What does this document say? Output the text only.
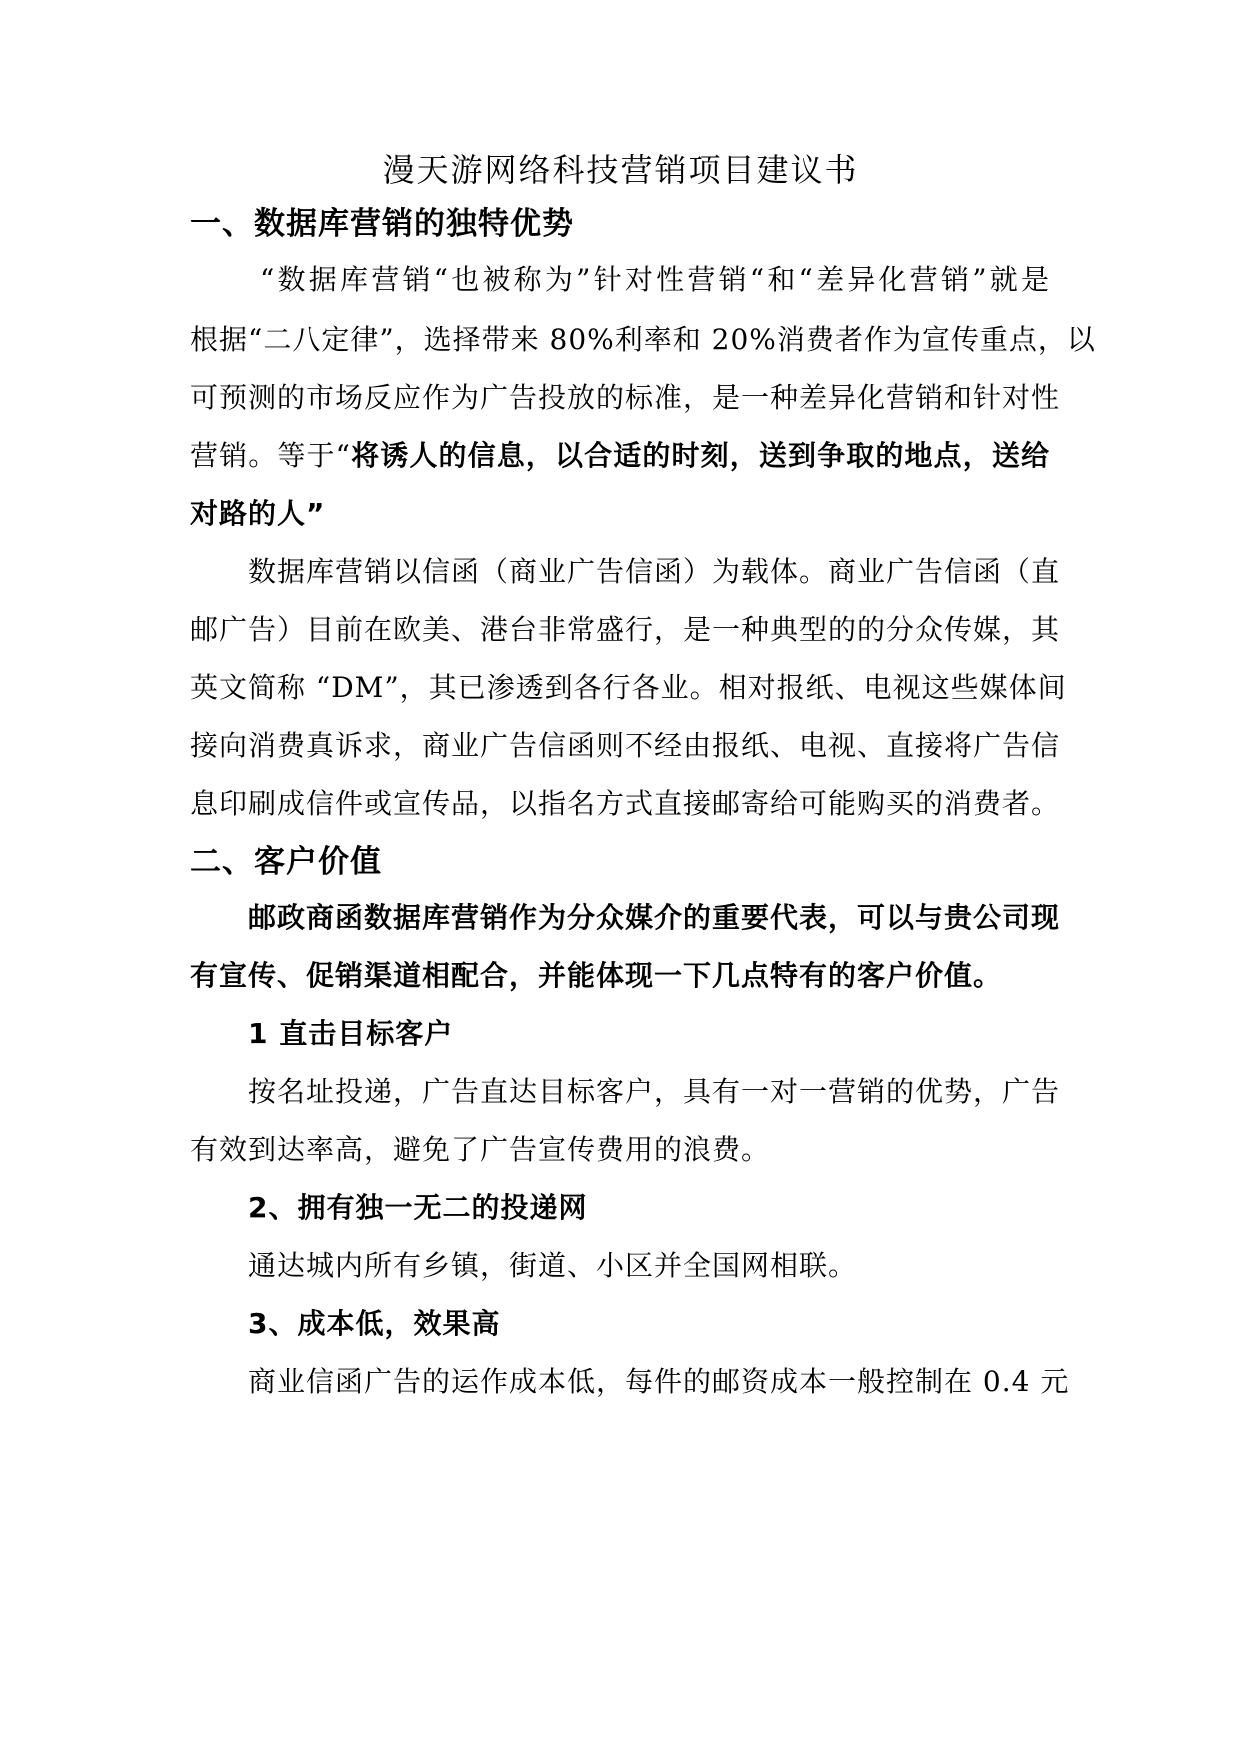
漫天游网络科技营销项目建议书
一、数据库营销的独特优势
“数据库营销“也被称为”针对性营销“和“差异化营销”就是
根据“二八定律”，选择带来 80%利率和 20%消费者作为宣传重点，以
可预测的市场反应作为广告投放的标准，是一种差异化营销和针对性
营销。等于“将诱人的信息，以合适的时刻，送到争取的地点，送给
对路的人”
数据库营销以信函（商业广告信函）为载体。商业广告信函（直
邮广告）目前在欧美、港台非常盛行，是一种典型的的分众传媒，其
英文简称 “DM”，其已渗透到各行各业。相对报纸、电视这些媒体间
接向消费真诉求，商业广告信函则不经由报纸、电视、直接将广告信
息印刷成信件或宣传品，以指名方式直接邮寄给可能购买的消费者。
二、客户价值
邮政商函数据库营销作为分众媒介的重要代表，可以与贵公司现
有宣传、促销渠道相配合，并能体现一下几点特有的客户价值。
1 直击目标客户
按名址投递，广告直达目标客户，具有一对一营销的优势，广告
有效到达率高，避免了广告宣传费用的浪费。
2、拥有独一无二的投递网
通达城内所有乡镇，街道、小区并全国网相联。
3、成本低，效果高
商业信函广告的运作成本低，每件的邮资成本一般控制在 0.4 元
